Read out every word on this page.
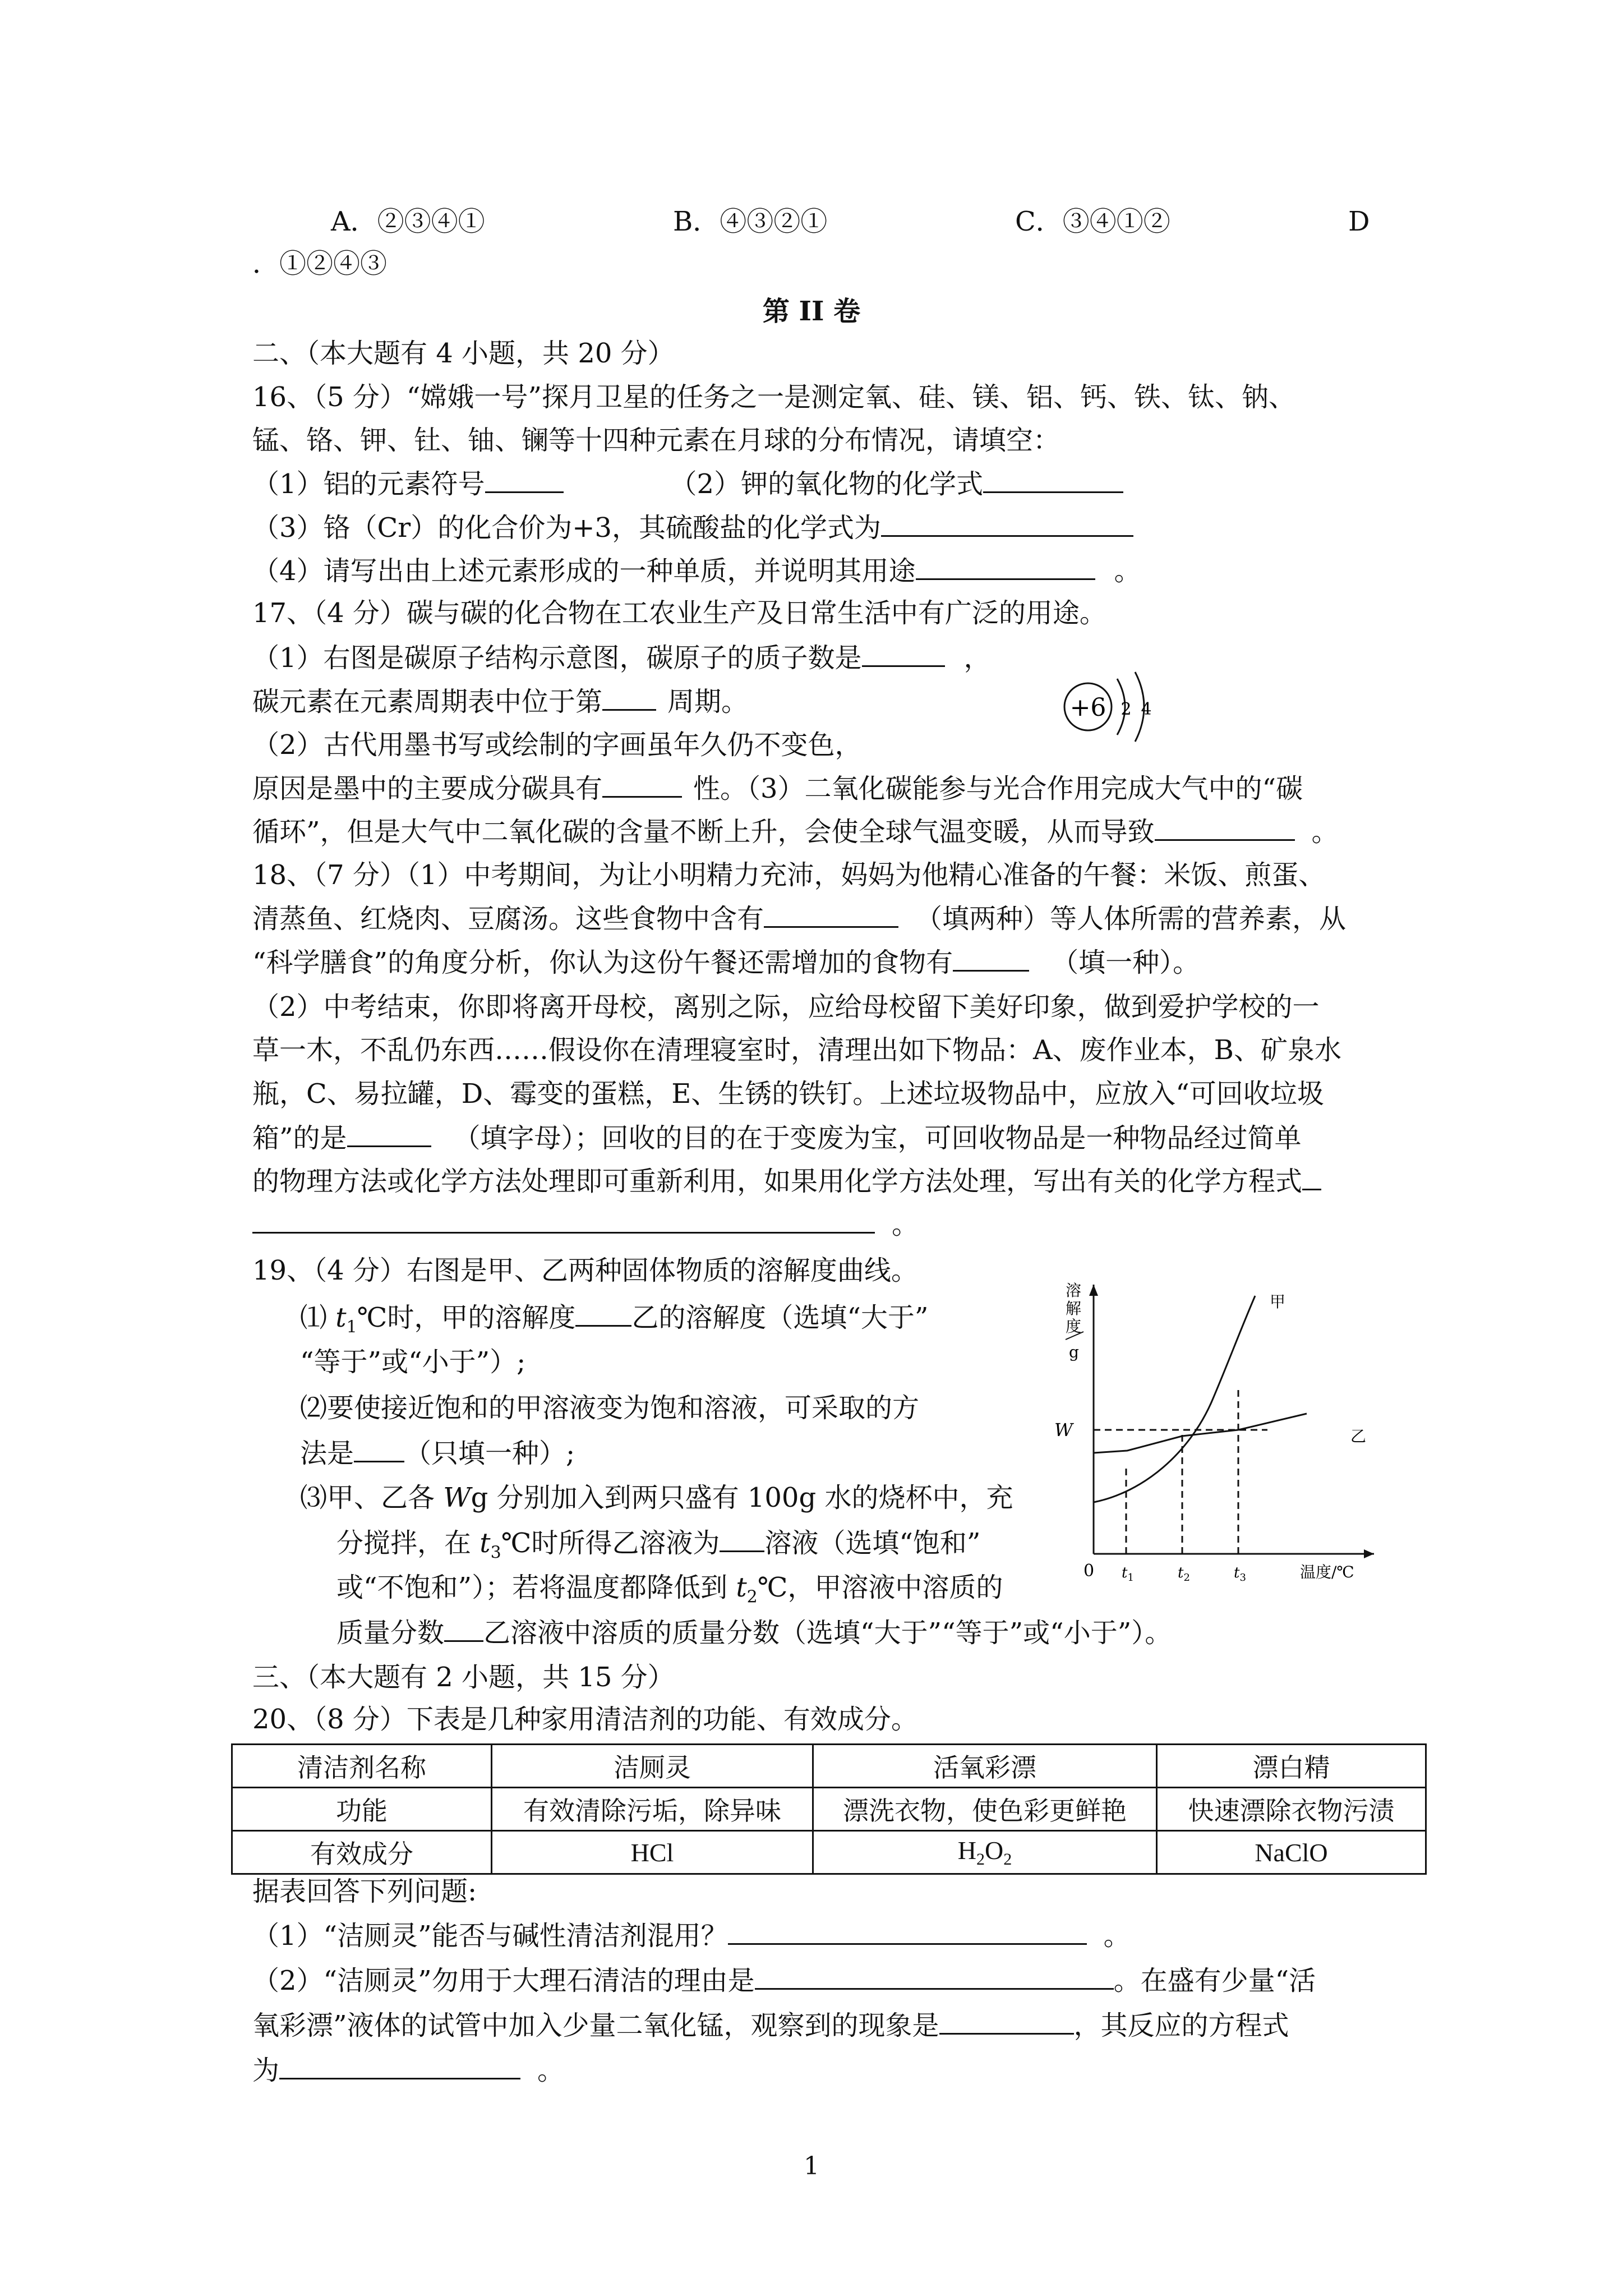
A．②③④①	B．④③②①	C．③④①②	D
．①②④③
第 II 卷
二、（本大题有 4 小题，共 20 分）
16、（5 分）“嫦娥一号”探月卫星的任务之一是测定氧、硅、镁、铝、钙、铁、钛、钠、
锰、铬、钾、钍、铀、镧等十四种元素在月球的分布情况，请填空：
（1）铝的元素符号	（2）钾的氧化物的化学式
（3）铬（Cr）的化合价为+3，其硫酸盐的化学式为
（4）请写出由上述元素形成的一种单质，并说明其用途	。
17、（4 分）碳与碳的化合物在工农业生产及日常生活中有广泛的用途。
（1）右图是碳原子结构示意图，碳原子的质子数是	，
碳元素在元素周期表中位于第 周期。	+6 2 4
（2）古代用墨书写或绘制的字画虽年久仍不变色，
原因是墨中的主要成分碳具有	性。（3）二氧化碳能参与光合作用完成大气中的“碳
循环”，但是大气中二氧化碳的含量不断上升，会使全球气温变暖，从而导致	。
18、（7 分）（1）中考期间，为让小明精力充沛，妈妈为他精心准备的午餐：米饭、煎蛋、
清蒸鱼、红烧肉、豆腐汤。这些食物中含有	（填两种）等人体所需的营养素，从
“科学膳食”的角度分析，你认为这份午餐还需增加的食物有	（填一种）。
（2）中考结束，你即将离开母校，离别之际，应给母校留下美好印象，做到爱护学校的一
草一木，不乱仍东西……假设你在清理寝室时，清理出如下物品：A、废作业本，B、矿泉水
瓶，C、易拉罐，D、霉变的蛋糕，E、生锈的铁钉。上述垃圾物品中，应放入“可回收垃圾
箱”的是	（填字母）；回收的目的在于变废为宝，可回收物品是一种物品经过简单
的物理方法或化学方法处理即可重新利用，如果用化学方法处理，写出有关的化学方程式
。
19、（4 分）右图是甲、乙两种固体物质的溶解度曲线。
⑴ $t_1℃$时，甲的溶解度 乙的溶解度（选填“大于”
“等于”或“小于”）;
⑵要使接近饱和的甲溶液变为饱和溶液，可采取的方
法是 （只填一种）;
⑶甲、乙各 Wg 分别加入到两只盛有 100g 水的烧杯中，充
分搅拌，在 $t_3℃$时所得乙溶液为 溶液（选填“饱和”
或“不饱和”）；若将温度都降低到 $t_2℃$，甲溶液中溶质的
质量分数 乙溶液中溶质的质量分数（选填“大于”“等于”或“小于”）。
溶
解
度
g
W
甲
乙
0 $t_1$	$t_2$	$t_3$	温度/℃
三、（本大题有 2 小题，共 15 分）
20、（8 分）下表是几种家用清洁剂的功能、有效成分。
清洁剂名称	洁厕灵	活氧彩漂	漂白精
功能	有效清除污垢，除异味	漂洗衣物，使色彩更鲜艳	快速漂除衣物污渍
有效成分	HCl	$H_2O_2$	NaClO
据表回答下列问题:
（1）“洁厕灵”能否与碱性清洁剂混用？	。
（2）“洁厕灵”勿用于大理石清洁的理由是	。在盛有少量“活
氧彩漂”液体的试管中加入少量二氧化锰，观察到的现象是	，其反应的方程式
为	。
1
